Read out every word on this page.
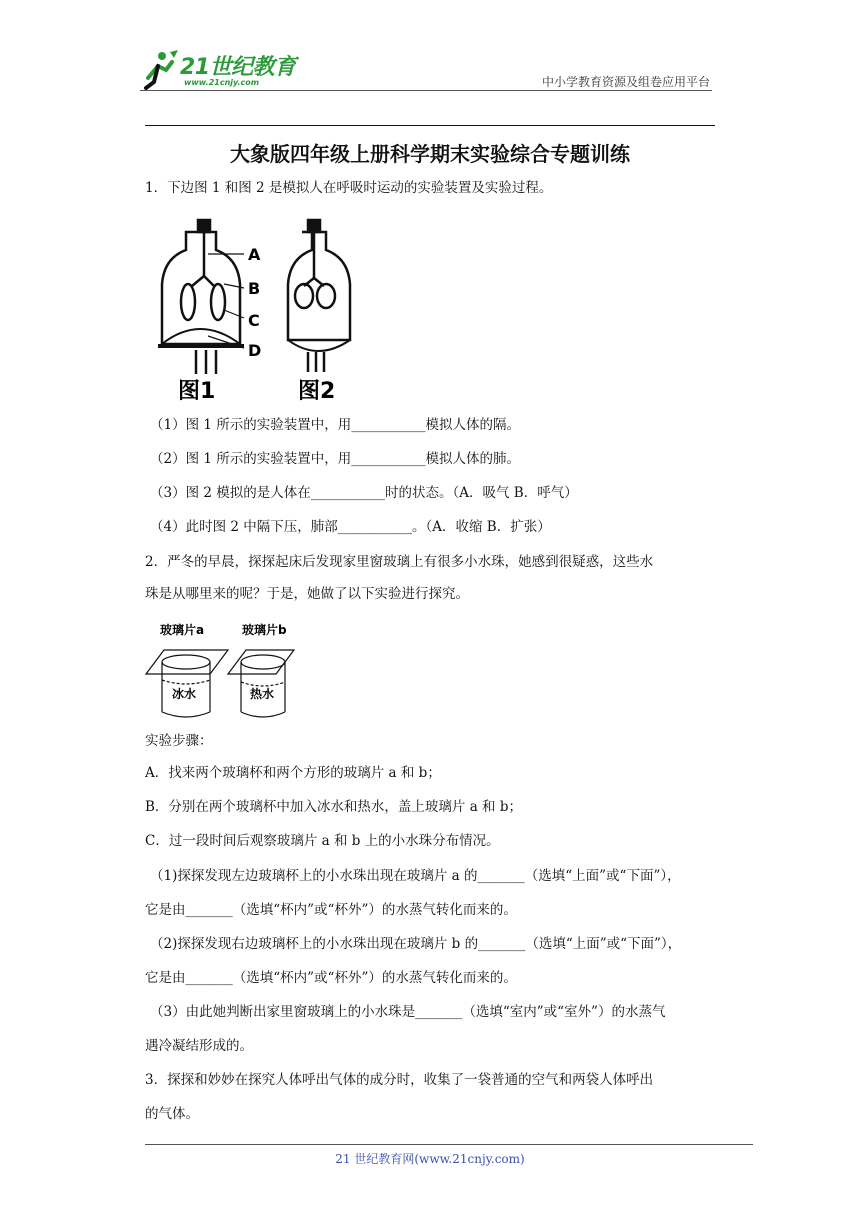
21世纪教育
www.21cnjy.com	中小学教育资源及组卷应用平台
大象版四年级上册科学期末实验综合专题训练
1．下边图 1 和图 2 是模拟人在呼吸时运动的实验装置及实验过程。
A
B
C
D
图1	图2
（1）图 1 所示的实验装置中，用___________模拟人体的隔。
（2）图 1 所示的实验装置中，用___________模拟人体的肺。
（3）图 2 模拟的是人体在___________时的状态。（A．吸气 B．呼气）
（4）此时图 2 中隔下压，肺部___________。（A．收缩 B．扩张）
2．严冬的早晨，探探起床后发现家里窗玻璃上有很多小水珠，她感到很疑惑，这些水
珠是从哪里来的呢？于是，她做了以下实验进行探究。
玻璃片a	玻璃片b
冰水	热水
实验步骤：
A．找来两个玻璃杯和两个方形的玻璃片 a 和 b；
B．分别在两个玻璃杯中加入冰水和热水，盖上玻璃片 a 和 b；
C．过一段时间后观察玻璃片 a 和 b 上的小水珠分布情况。
（1)探探发现左边玻璃杯上的小水珠出现在玻璃片 a 的_______（选填“上面”或“下面”），
它是由_______（选填“杯内”或“杯外”）的水蒸气转化而来的。
（2)探探发现右边玻璃杯上的小水珠出现在玻璃片 b 的_______（选填“上面”或“下面”），
它是由_______（选填“杯内”或“杯外”）的水蒸气转化而来的。
（3）由此她判断出家里窗玻璃上的小水珠是_______（选填“室内”或“室外”）的水蒸气
遇冷凝结形成的。
3．探探和妙妙在探究人体呼出气体的成分时，收集了一袋普通的空气和两袋人体呼出
的气体。
21 世纪教育网(www.21cnjy.com)
